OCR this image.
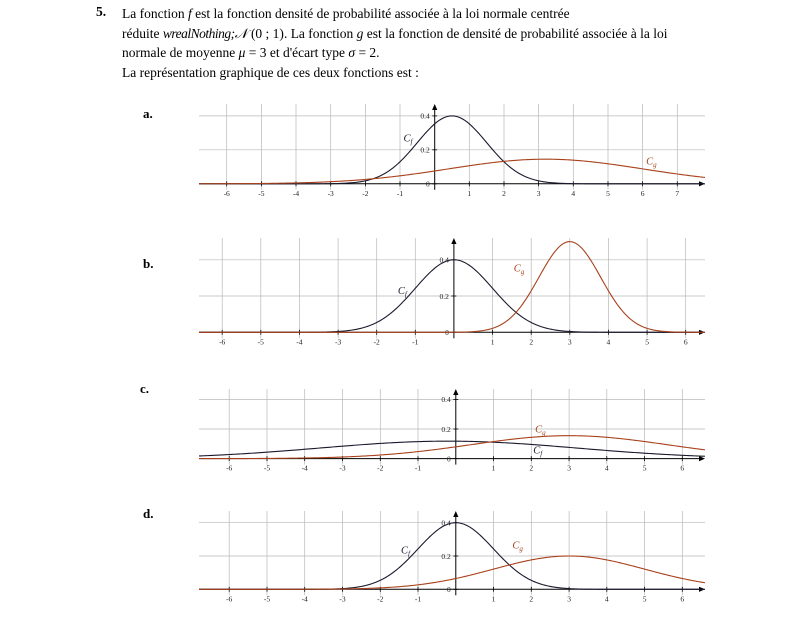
5. La fonction f est la fonction densité de probabilité associée à la loi normale centrée
réduite wrealNothing;𝒩 (0 ; 1). La fonction g est la fonction de densité de probabilité associée à la loi
normale de moyenne μ = 3 et d'écart type σ = 2.
La représentation graphique de ces deux fonctions est :
a.
b.
c.
d.
-6	-5	-4	-3	-2	-1	1	2	3	4	5	6	7
0
0.2
0.4
$C_f$
$C_g$
-6	-5	-4	-3	-2	-1	1	2	3	4	5	6
0
0.2
0.4
$C_f$
$C_g$
-6	-5	-4	-3	-2	-1	1	2	3	4	5	6
0
0.2
0.4
$C_f$
$C_g$
-6	-5	-4	-3	-2	-1	1	2	3	4	5	6
0
0.2
0.4
$C_f$
$C_g$
